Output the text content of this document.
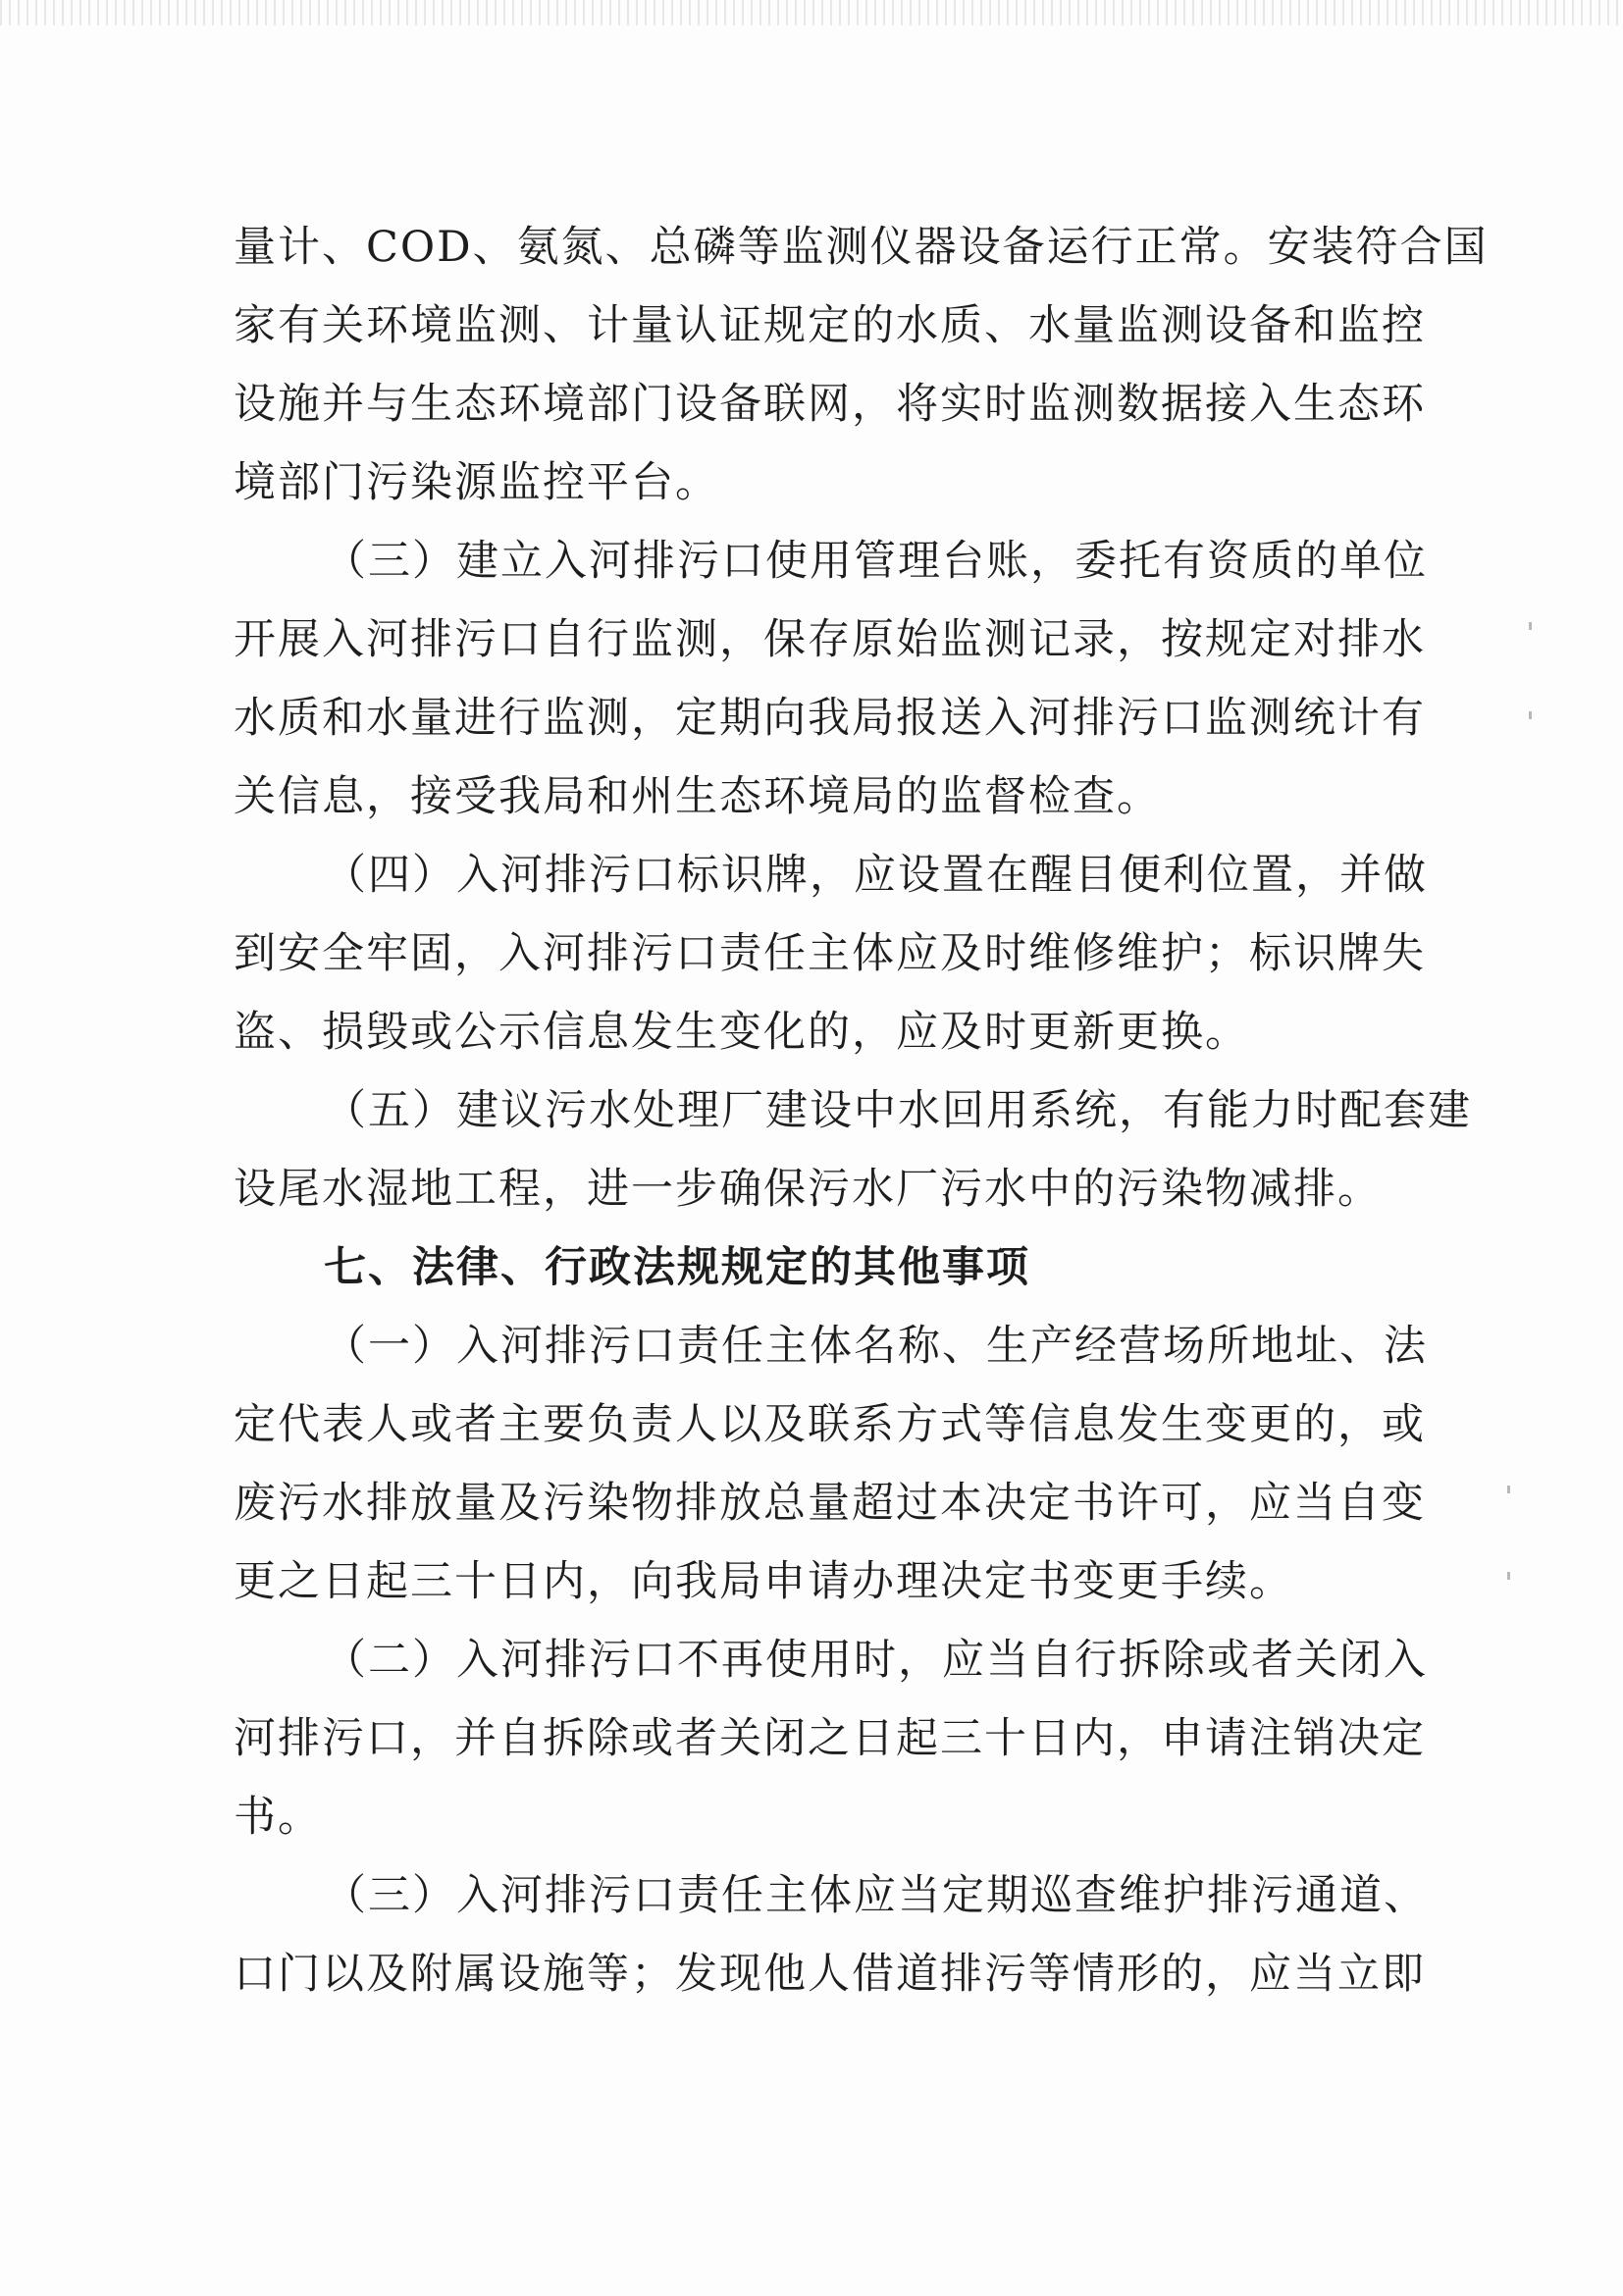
量计、COD、氨氮、总磷等监测仪器设备运行正常。安装符合国
家有关环境监测、计量认证规定的水质、水量监测设备和监控
设施并与生态环境部门设备联网，将实时监测数据接入生态环
境部门污染源监控平台。
（三）建立入河排污口使用管理台账，委托有资质的单位
开展入河排污口自行监测，保存原始监测记录，按规定对排水
水质和水量进行监测，定期向我局报送入河排污口监测统计有
关信息，接受我局和州生态环境局的监督检查。
（四）入河排污口标识牌，应设置在醒目便利位置，并做
到安全牢固，入河排污口责任主体应及时维修维护；标识牌失
盗、损毁或公示信息发生变化的，应及时更新更换。
（五）建议污水处理厂建设中水回用系统，有能力时配套建
设尾水湿地工程，进一步确保污水厂污水中的污染物减排。
七、法律、行政法规规定的其他事项
（一）入河排污口责任主体名称、生产经营场所地址、法
定代表人或者主要负责人以及联系方式等信息发生变更的，或
废污水排放量及污染物排放总量超过本决定书许可，应当自变
更之日起三十日内，向我局申请办理决定书变更手续。
（二）入河排污口不再使用时，应当自行拆除或者关闭入
河排污口，并自拆除或者关闭之日起三十日内，申请注销决定
书。
（三）入河排污口责任主体应当定期巡查维护排污通道、
口门以及附属设施等；发现他人借道排污等情形的，应当立即
